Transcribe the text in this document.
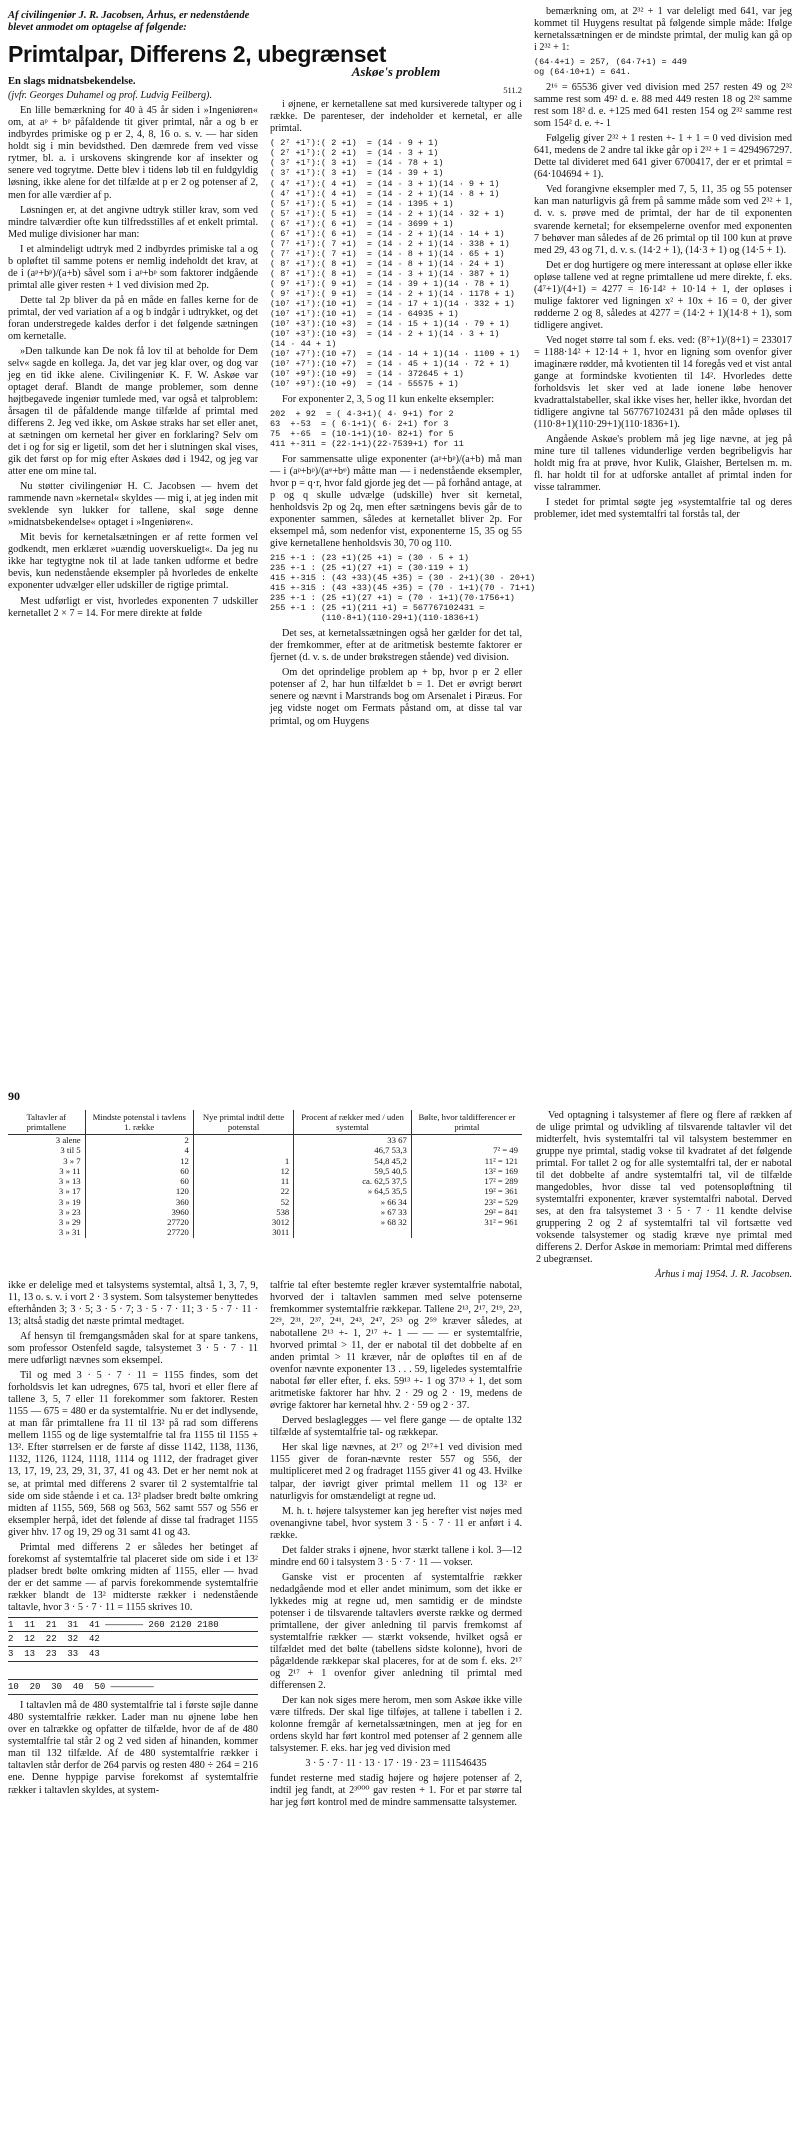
Af civilingeniør J. R. Jacobsen, Århus, er nedenstående blevet anmodet om optagelse af følgende:
Primtalpar, Differens 2, ubegrænset
En slags midnatsbekendelse.

(jvfr. Georges Duhamel og prof. Ludvig Feilberg).

En lille bemærkning for 40 à 45 år siden i »Ingeniøren« om, at aᵖ + bᵖ påfaldende tit giver primtal, når a og b er indbyrdes primiske og p er 2, 4, 8, 16 o. s. v. — har siden holdt sig i min bevidsthed. Den dæmrede frem ved visse rytmer, bl. a. i urskovens skingrende kor af insekter og senere ved togrytme. Dette blev i tidens løb til en fuldgyldig løsning, ikke alene for det tilfælde at p er 2 og potenser af 2, men for alle værdier af p.

Løsningen er, at det angivne udtryk stiller krav, som ved mindre talværdier ofte kun tilfredsstilles af et enkelt primtal. Med mulige divisioner har man:

I et almindeligt udtryk med 2 indbyrdes primiske tal a og b opløftet til samme potens er nemlig indeholdt det krav, at de i (aᵖ+bᵖ)/(a+b) såvel som i aᵖ+bᵖ som faktorer indgående primtal alle giver resten + 1 ved division med 2p.

Dette tal 2p bliver da på en måde en falles kerne for de primtal, der ved variation af a og b indgår i udtrykket, og det foran understregede kaldes derfor i det følgende sætningen om kernetalle.

»Den talkunde kan De nok få lov til at beholde for Dem selv« sagde en kollega. Ja, det var jeg klar over, og dog var jeg en tid ikke alene. Civilingeniør K. F. W. Askøe var optaget deraf. Blandt de mange problemer, som denne højtbegavede ingeniør tumlede med, var også et talproblem: årsagen til de påfaldende mange tilfælde af primtal med differens 2. Jeg ved ikke, om Askøe straks har set eller anet, at sætningen om kernetal her giver en forklaring? Selv om det i og for sig er ligetil, som det her i slutningen skal vises, gik det først op for mig efter Askøes død i 1942, og jeg var atter ene om mine tal.

Nu støtter civilingeniør H. C. Jacobsen — hvem det rammende navn »kernetal« skyldes — mig i, at jeg inden mit sveklende syn lukker for tallene, skal søge denne »midnatsbekendelse« optaget i »Ingeniøren«.

Mit bevis for kernetalsætningen er af rette formen vel godkendt, men erklæret »uændig uoverskueligt«. Da jeg nu ikke har tegtygtne nok til at lade tanken udforme et bedre bevis, kun nedenstående eksempler på hvorledes de enkelte exponenter udvælger eller udskiller de rigtige primtal.

Mest udførligt er vist, hvorledes exponenten 7 udskiller kernetallet 2 × 7 = 14. For mere direkte at følde

Askøe's problem
511.2

i øjnene, er kernetallene sat med kursiverede taltyper og i række. De parenteser, der indeholder et kernetal, er alle primtal.

( 2⁷ +1⁷):( 2 +1)  = (14 · 9 + 1)
( 2⁷ +1⁷):( 2 +1)  = (14 · 3 + 1)
( 3⁷ +1⁷):( 3 +1)  = (14 · 78 + 1)
( 3⁷ +1⁷):( 3 +1)  = (14 · 39 + 1)
( 4⁷ +1⁷):( 4 +1)  = (14 · 3 + 1)(14 · 9 + 1)
( 4⁷ +1⁷):( 4 +1)  = (14 · 2 + 1)(14 · 8 + 1)
( 5⁷ +1⁷):( 5 +1)  = (14 · 1395 + 1)
( 5⁷ +1⁷):( 5 +1)  = (14 · 2 + 1)(14 · 32 + 1)
( 6⁷ +1⁷):( 6 +1)  = (14 · 3699 + 1)
( 6⁷ +1⁷):( 6 +1)  = (14 · 2 + 1)(14 · 14 + 1)
( 7⁷ +1⁷):( 7 +1)  = (14 · 2 + 1)(14 · 338 + 1)
( 7⁷ +1⁷):( 7 +1)  = (14 · 8 + 1)(14 · 65 + 1)
( 8⁷ +1⁷):( 8 +1)  = (14 · 8 + 1)(14 · 24 + 1)
( 8⁷ +1⁷):( 8 +1)  = (14 · 3 + 1)(14 · 387 + 1)
( 9⁷ +1⁷):( 9 +1)  = (14 · 39 + 1)(14 · 78 + 1)
( 9⁷ +1⁷):( 9 +1)  = (14 · 2 + 1)(14 · 1178 + 1)
(10⁷ +1⁷):(10 +1)  = (14 · 17 + 1)(14 · 332 + 1)
(10⁷ +1⁷):(10 +1)  = (14 · 64935 + 1)
(10⁷ +3⁷):(10 +3)  = (14 · 15 + 1)(14 · 79 + 1)
(10⁷ +3⁷):(10 +3)  = (14 · 2 + 1)(14 · 3 + 1)
(14 · 44 + 1)
(10⁷ +7⁷):(10 +7)  = (14 · 14 + 1)(14 · 1109 + 1)
(10⁷ +7⁷):(10 +7)  = (14 · 45 + 1)(14 · 72 + 1)
(10⁷ +9⁷):(10 +9)  = (14 · 372645 + 1)
(10⁷ +9⁷):(10 +9)  = (14 · 55575 + 1)

For exponenter 2, 3, 5 og 11 kun enkelte eksempler:

202  + 92  = ( 4·3+1)( 4· 9+1) for 2
63  +-53  = ( 6·1+1)( 6· 2+1) for 3
75  +-65  = (10·1+1)(10· 82+1) for 5
411 +-311 = (22·1+1)(22·7539+1) for 11

For sammensatte ulige exponenter (aᵖ+bᵖ)/(a+b) må man — i (aᵖ+bᵖ)/(aᵠ+bᵠ) måtte man — i nedenstående eksempler, hvor p = q·r, hvor fald gjorde jeg det — på forhånd antage, at p og q skulle udvælge (udskille) hver sit kernetal, henholdsvis 2p og 2q, men efter sætningens bevis går de to exponenter sammen, således at kernetallet bliver 2p. For eksempel må, som nedenfor vist, exponenterne 15, 35 og 55 give kernetallene henholdsvis 30, 70 og 110.

215 +-1 : (23 +1)(25 +1) = (30 · 5 + 1)
235 +-1 : (25 +1)(27 +1) = (30·119 + 1)
415 +-315 : (43 +33)(45 +35) = (30 · 2+1)(30 · 20+1)
415 +-315 : (43 +33)(45 +35) = (70 · 1+1)(70 · 71+1)
235 +-1 : (25 +1)(27 +1) = (70 · 1+1)(70·1756+1)
255 +-1 : (25 +1)(211 +1) = 567767102431 =
(110·8+1)(110·29+1)(110·1836+1)

Det ses, at kernetalssætningen også her gælder for det tal, der fremkommer, efter at de aritmetisk bestemte faktorer er fjernet (d. v. s. de under brøkstregen stående) ved division.

Om det oprindelige problem ap + bp, hvor p er 2 eller potenser af 2, har hun tilfældet b = 1. Det er øvrigt berørt senere og nævnt i Marstrands bog om Arsenalet i Piræus. For jeg vidste noget om Fermats påstand om, at disse tal var primtal, og om Huygens

bemærkning om, at 2³² + 1 var deleligt med 641, var jeg kommet til Huygens resultat på følgende simple måde: Ifølge kernetalssætningen er de mindste primtal, der mulig kan gå op i 2³² + 1:

(64·4+1) = 257, (64·7+1) = 449
og (64·10+1) = 641.

2¹⁶ = 65536 giver ved division med 257 resten 49 og 2³² samme rest som 49² d. e. 88 med 449 resten 18 og 2³² samme rest som 18² d. e. +125 med 641 resten 154 og 2³² samme rest som 154² d. e. +- 1

Følgelig giver 2³² + 1 resten +- 1 + 1 = 0 ved division med 641, medens de 2 andre tal ikke går op i 2³² + 1 = 4294967297. Dette tal divideret med 641 giver 6700417, der er et primtal = (64·104694 + 1).

Ved forangivne eksempler med 7, 5, 11, 35 og 55 potenser kan man naturligvis gå frem på samme måde som ved 2³² + 1, d. v. s. prøve med de primtal, der har de til exponenten svarende kernetal; for eksempelerne ovenfor med exponenten 7 behøver man således af de 26 primtal op til 100 kun at prøve med 29, 43 og 71, d. v. s. (14·2 + 1), (14·3 + 1) og (14·5 + 1).

Det er dog hurtigere og mere interessant at opløse eller ikke opløse tallene ved at regne primtallene ud mere direkte, f. eks. (4⁷+1)/(4+1) = 4277 = 16·14² + 10·14 + 1, der opløses i mulige faktorer ved ligningen x² + 10x + 16 = 0, der giver rødderne 2 og 8, således at 4277 = (14·2 + 1)(14·8 + 1), som tidligere angivet.

Ved noget større tal som f. eks. ved: (8⁷+1)/(8+1) = 233017 = 1188·14² + 12·14 + 1, hvor en ligning som ovenfor giver imaginære rødder, må kvotienten til 14 foregås ved et vist antal gange at formindske kvotienten til 14². Hvorledes dette forholdsvis let sker ved at lade ionene løbe henover kvadrattalstabeller, skal ikke vises her, heller ikke, hvordan det tidligere angivne tal 567767102431 på den måde opløses til (110·8+1)(110·29+1)(110·1836+1).

Angående Askøe's problem må jeg lige nævne, at jeg på mine ture til tallenes vidunderlige verden begribeligvis har holdt mig fra at prøve, hvor Kulik, Glaisher, Bertelsen m. m. fl. har holdt til for at udforske antallet af primtal inden for visse talrammer.

I stedet for primtal søgte jeg »systemtalfrie tal og deres problemer, idet med systemtalfri tal forstås tal, der

90
Taltavler af primtallene	Mindste potenstal i tavlens 1. række	Nye primtal indtil dette potenstal	Procent af rækker med / uden systemtal	Bølte, hvor taldifferencer er primtal
3 alene	2		33 67	
3 til 5	4		46,7 53,3	7² = 49
3 » 7	12	1	54,8 45,2	11² = 121
3 » 11	60	12	59,5 40,5	13² = 169
3 » 13	60	11	ca. 62,5 37,5	17² = 289
3 » 17	120	22	» 64,5 35,5	19² = 361
3 » 19	360	52	» 66 34	23² = 529
3 » 23	3960	538	» 67 33	29² = 841
3 » 29	27720	3012	» 68 32	31² = 961
3 » 31	27720	3011		

ikke er delelige med et talsystems systemtal, altså 1, 3, 7, 9, 11, 13 o. s. v. i vort 2 · 3 system. Som talsystemer benyttedes efterhånden 3; 3 · 5; 3 · 5 · 7; 3 · 5 · 7 · 11; 3 · 5 · 7 · 11 · 13; altså stadig det næste primtal medtaget.

Af hensyn til fremgangsmåden skal for at spare tankens, som professor Ostenfeld sagde, talsystemet 3 · 5 · 7 · 11 mere udførligt nævnes som eksempel.

Til og med 3 · 5 · 7 · 11 = 1155 findes, som det forholdsvis let kan udregnes, 675 tal, hvori et eller flere af tallene 3, 5, 7 eller 11 forekommer som faktorer. Resten 1155 — 675 = 480 er da systemtalfrie. Nu er det indlysende, at man får primtallene fra 11 til 13² på rad som differens mellem 1155 og de lige systemtalfrie tal fra 1155 til 1155 + 13². Efter størrelsen er de første af disse 1142, 1138, 1136, 1132, 1126, 1124, 1118, 1114 og 1112, der fradraget giver 13, 17, 19, 23, 29, 31, 37, 41 og 43. Det er her nemt nok at se, at primtal med differens 2 svarer til 2 systemtalfrie tal side om side stående i et ca. 13² pladser bredt bølte omkring midten af 1155, 569, 568 og 563, 562 samt 557 og 556 er eksempler herpå, idet det følende af disse tal fradraget 1155 giver hhv. 17 og 19, 29 og 31 samt 41 og 43.

Primtal med differens 2 er således her betinget af forekomst af systemtalfrie tal placeret side om side i et 13² pladser bredt bølte omkring midten af 1155, eller — hvad der er det samme — af parvis forekommende systemtalfrie rækker blandt de 13² midterste rækker i nedenstående taltavle, hvor 3 · 5 · 7 · 11 = 1155 skrives 10.

1  11  21  31  41 ——————— 260 2120 2180
2  12  22  32  42
3  13  23  33  43
10  20  30  40  50 ————————

I taltavlen må de 480 systemtalfrie tal i første søjle danne 480 systemtalfrie rækker. Lader man nu øjnene løbe hen over en talrække og opfatter de tilfælde, hvor de af de 480 systemtalfrie tal står 2 og 2 ved siden af hinanden, kommer man til 132 tilfælde. Af de 480 systemtalfrie rækker i taltavlen står derfor de 264 parvis og resten 480 ÷ 264 = 216 ene. Denne hyppige parvise forekomst af systemtalfrie rækker i taltavlen skyldes, at system-

talfrie tal efter bestemte regler kræver systemtalfrie nabotal, hvorved der i taltavlen sammen med selve potenserne fremkommer systemtalfrie rækkepar. Tallene 2¹³, 2¹⁷, 2¹⁹, 2²³, 2²⁹, 2³¹, 2³⁷, 2⁴¹, 2⁴³, 2⁴⁷, 2⁵³ og 2⁵⁹ kræver således, at nabotallene 2¹³ +- 1, 2¹⁷ +- 1 — — — er systemtalfrie, hvorved primtal > 11, der er nabotal til det dobbelte af en anden primtal > 11 kræver, når de opløftes til en af de ovenfor nævnte exponenter 13 . . . 59, ligeledes systemtalfrie nabotal før eller efter, f. eks. 59¹³ +- 1 og 37¹³ + 1, det som aritmetiske faktorer har hhv. 2 · 29 og 2 · 19, medens de øvrige faktorer har kernetal hhv. 2 · 59 og 2 · 37.

Derved beslaglegges — vel flere gange — de optalte 132 tilfælde af systemtalfrie tal- og rækkepar.

Her skal lige nævnes, at 2¹⁷ og 2¹⁷+1 ved division med 1155 giver de foran-nævnte rester 557 og 556, der multipliceret med 2 og fradraget 1155 giver 41 og 43. Hvilke talpar, der iøvrigt giver primtal mellem 11 og 13² er naturligvis for omstændeligt at regne ud.

M. h. t. højere talsystemer kan jeg herefter vist nøjes med ovenangivne tabel, hvor system 3 · 5 · 7 · 11 er anført i 4. række.

Det falder straks i øjnene, hvor stærkt tallene i kol. 3—12 mindre end 60 i talsystem 3 · 5 · 7 · 11 — vokser.

Ganske vist er procenten af systemtalfrie rækker nedadgående mod et eller andet minimum, som det ikke er lykkedes mig at regne ud, men samtidig er de mindste potenser i de tilsvarende taltavlers øverste række og dermed primtallene, der giver anledning til parvis fremkomst af systemtalfrie rækker — stærkt voksende, hvilket også er tilfældet med det bølte (tabellens sidste kolonne), hvori de pågældende rækkepar skal placeres, for at de som f. eks. 2¹⁷ og 2¹⁷ + 1 ovenfor giver anledning til primtal med differensen 2.

Der kan nok siges mere herom, men som Askøe ikke ville være tilfreds. Der skal lige tilføjes, at tallene i tabellen i 2. kolonne fremgår af kernetalssætningen, men at jeg for en ordens skyld har ført kontrol med potenser af 2 gennem alle talsystemer. F. eks. har jeg ved division med

3 · 5 · 7 · 11 · 13 · 17 · 19 · 23 = 111546435

fundet resterne med stadig højere og højere potenser af 2, indtil jeg fandt, at 2³⁰⁰⁰ gav resten + 1. For et par større tal har jeg ført kontrol med de mindre sammensatte talsystemer.

Ved optagning i talsystemer af flere og flere af rækken af de ulige primtal og udvikling af tilsvarende taltavler vil det midterfelt, hvis systemtalfri tal vil talsystem bestemmer en gruppe nye primtal, stadig vokse til kvadratet af det følgende primtal. For tallet 2 og for alle systemtalfri tal, der er nabotal til det dobbelte af andre systemtalfri tal, vil de tilfælde mangedobles, hvor disse tal ved potensopløftning til systemtalfri exponenter, kræver systemtalfri nabotal. Derved ses, at den fra talsystemet 3 · 5 · 7 · 11 kendte delvise gruppering 2 og 2 af systemtalfri tal vil fortsætte ved voksende talsystemer og stadig kræve nye primtal med differens 2. Derfor Askøe in memoriam: Primtal med differens 2 ubegrænset.

Århus i maj 1954. J. R. Jacobsen.
